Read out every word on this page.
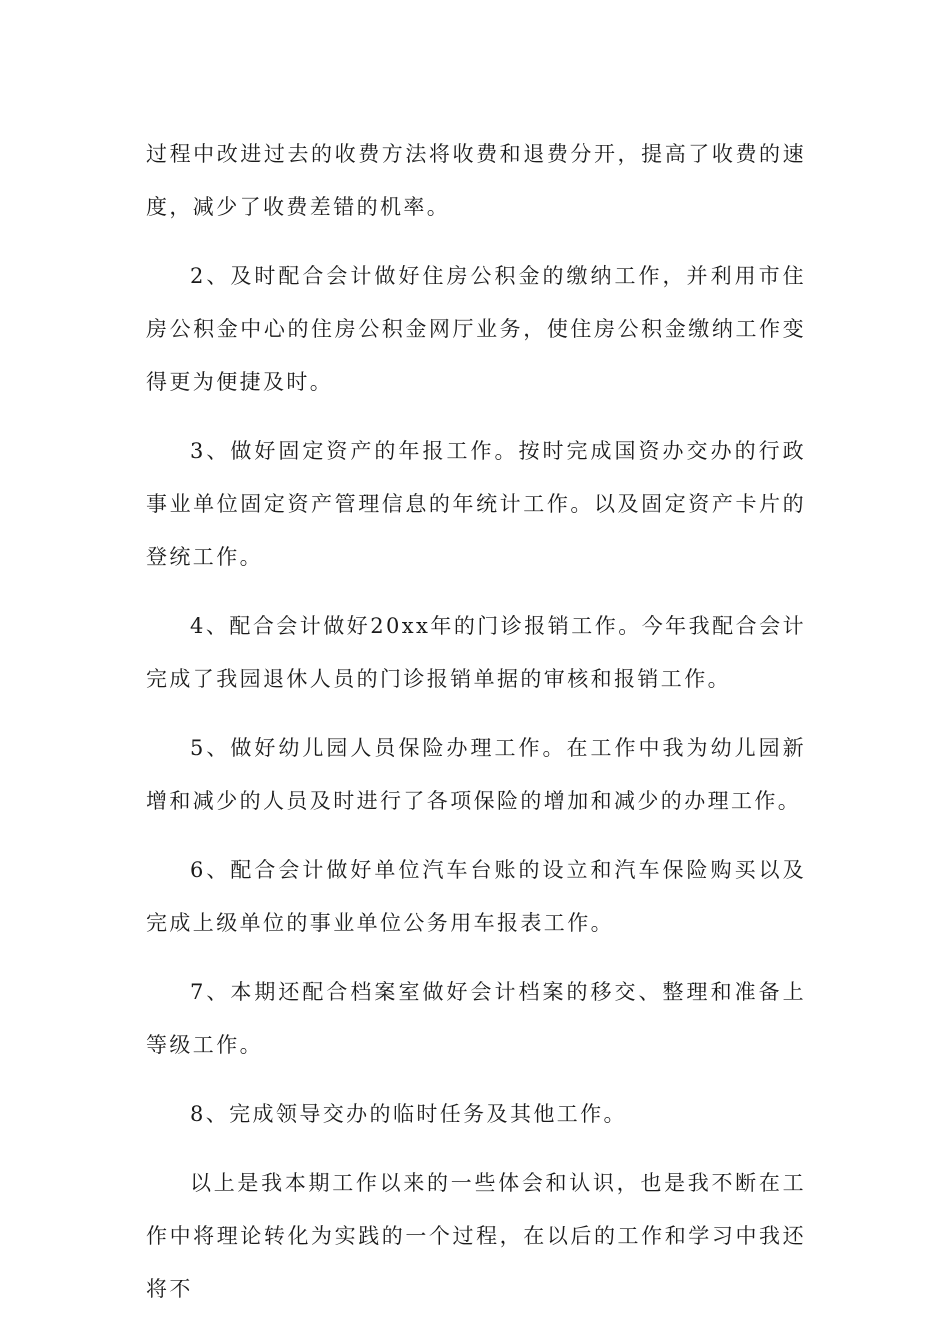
过程中改进过去的收费方法将收费和退费分开，提高了收费的速度，减少了收费差错的机率。

2、及时配合会计做好住房公积金的缴纳工作，并利用市住房公积金中心的住房公积金网厅业务，使住房公积金缴纳工作变得更为便捷及时。

3、做好固定资产的年报工作。按时完成国资办交办的行政事业单位固定资产管理信息的年统计工作。以及固定资产卡片的登统工作。

4、配合会计做好20xx年的门诊报销工作。今年我配合会计完成了我园退休人员的门诊报销单据的审核和报销工作。

5、做好幼儿园人员保险办理工作。在工作中我为幼儿园新增和减少的人员及时进行了各项保险的增加和减少的办理工作。

6、配合会计做好单位汽车台账的设立和汽车保险购买以及完成上级单位的事业单位公务用车报表工作。

7、本期还配合档案室做好会计档案的移交、整理和准备上等级工作。

8、完成领导交办的临时任务及其他工作。

以上是我本期工作以来的一些体会和认识，也是我不断在工作中将理论转化为实践的一个过程，在以后的工作和学习中我还将不
